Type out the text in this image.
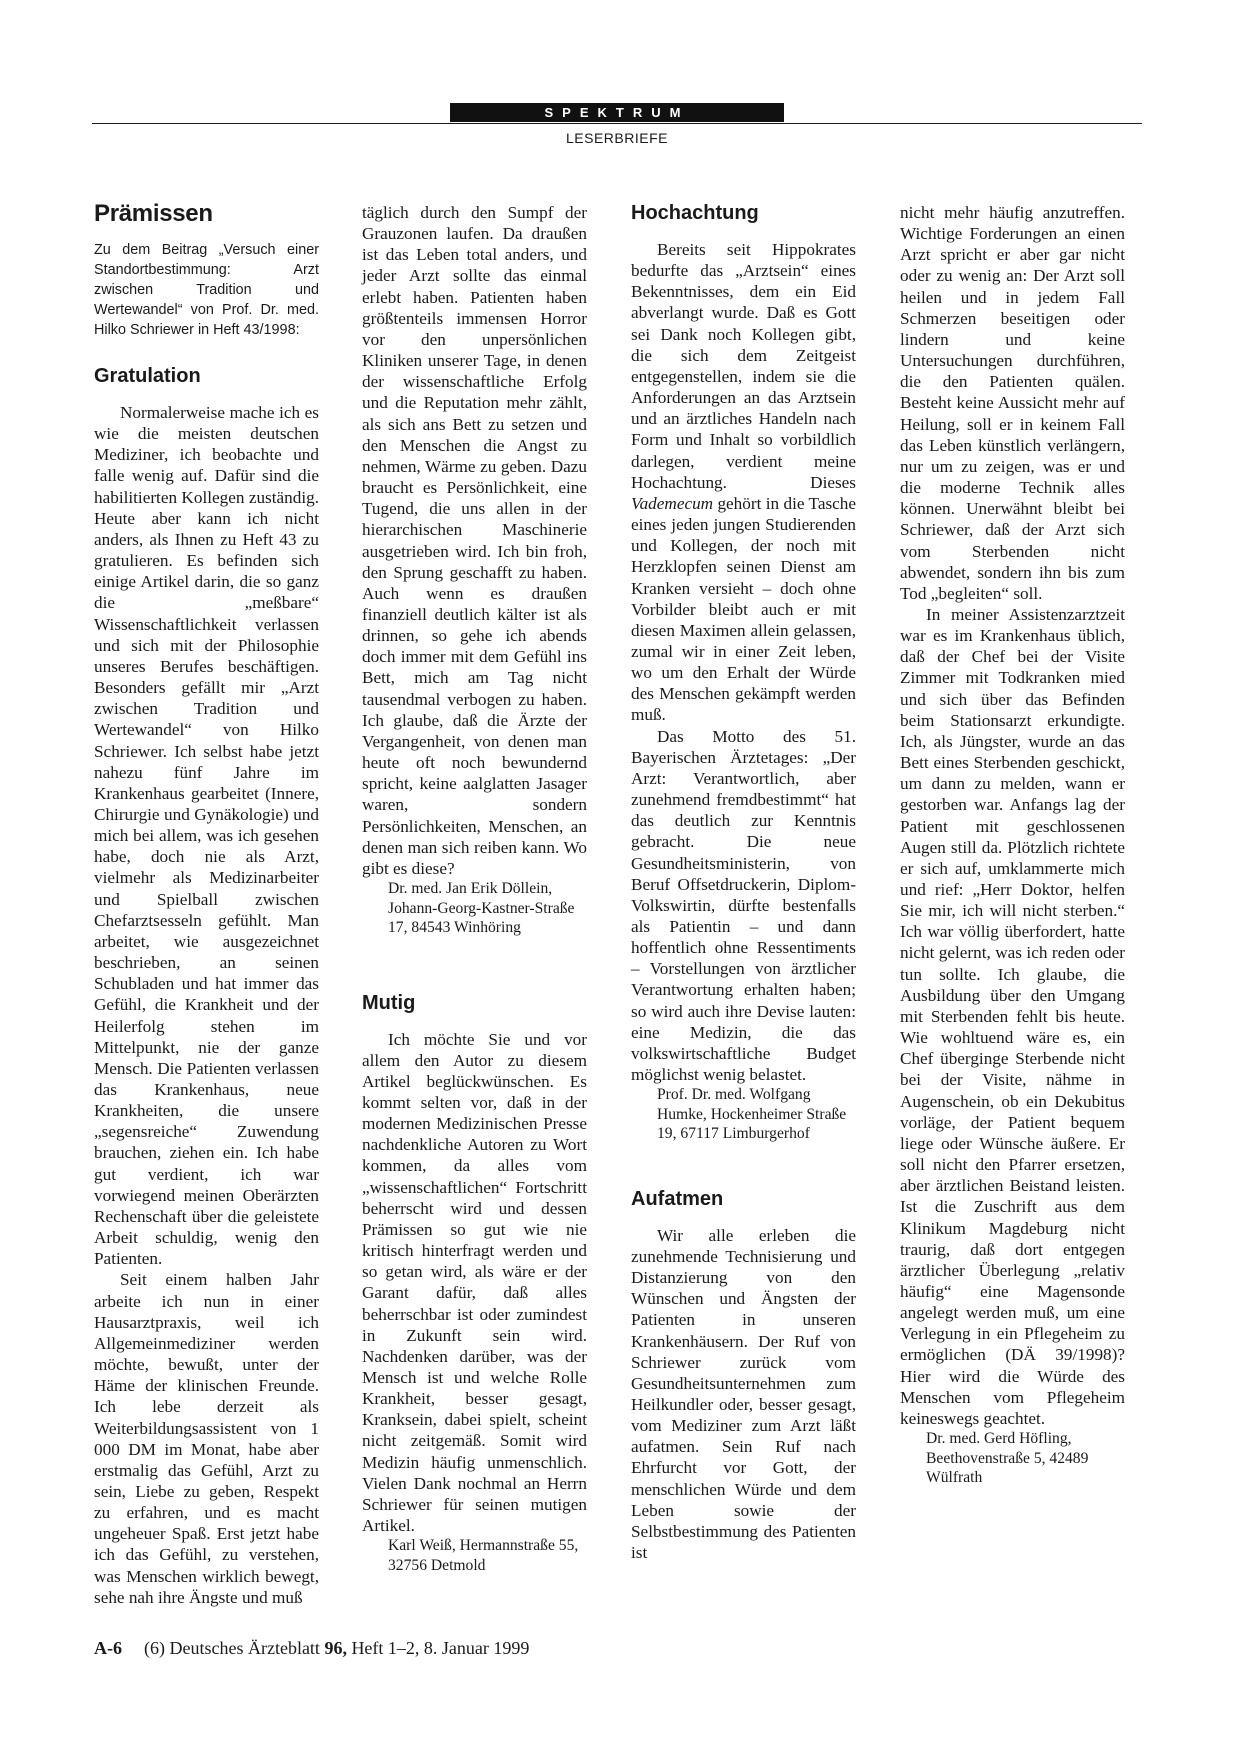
SPEKTRUM
LESERBRIEFE
Prämissen
Zu dem Beitrag „Versuch einer Standortbestimmung: Arzt zwischen Tradition und Wertewandel“ von Prof. Dr. med. Hilko Schriewer in Heft 43/1998:
Gratulation

Normalerweise mache ich es wie die meisten deutschen Mediziner, ich beobachte und falle wenig auf. Dafür sind die habilitierten Kollegen zuständig. Heute aber kann ich nicht anders, als Ihnen zu Heft 43 zu gratulieren. Es befinden sich einige Artikel darin, die so ganz die „meßbare“ Wissenschaftlichkeit verlassen und sich mit der Philosophie unseres Berufes beschäftigen. Besonders gefällt mir „Arzt zwischen Tradition und Wertewandel“ von Hilko Schriewer. Ich selbst habe jetzt nahezu fünf Jahre im Krankenhaus gearbeitet (Innere, Chirurgie und Gynäkologie) und mich bei allem, was ich gesehen habe, doch nie als Arzt, vielmehr als Medizinarbeiter und Spielball zwischen Chefarztsesseln gefühlt. Man arbeitet, wie ausgezeichnet beschrieben, an seinen Schubladen und hat immer das Gefühl, die Krankheit und der Heilerfolg stehen im Mittelpunkt, nie der ganze Mensch. Die Patienten verlassen das Krankenhaus, neue Krankheiten, die unsere „segensreiche“ Zuwendung brauchen, ziehen ein. Ich habe gut verdient, ich war vorwiegend meinen Oberärzten Rechenschaft über die geleistete Arbeit schuldig, wenig den Patienten.

Seit einem halben Jahr arbeite ich nun in einer Hausarztpraxis, weil ich Allgemeinmediziner werden möchte, bewußt, unter der Häme der klinischen Freunde. Ich lebe derzeit als Weiterbildungsassistent von 1 000 DM im Monat, habe aber erstmalig das Gefühl, Arzt zu sein, Liebe zu geben, Respekt zu erfahren, und es macht ungeheuer Spaß. Erst jetzt habe ich das Gefühl, zu verstehen, was Menschen wirklich bewegt, sehe nah ihre Ängste und muß

täglich durch den Sumpf der Grauzonen laufen. Da draußen ist das Leben total anders, und jeder Arzt sollte das einmal erlebt haben. Patienten haben größtenteils immensen Horror vor den unpersönlichen Kliniken unserer Tage, in denen der wissenschaftliche Erfolg und die Reputation mehr zählt, als sich ans Bett zu setzen und den Menschen die Angst zu nehmen, Wärme zu geben. Dazu braucht es Persönlichkeit, eine Tugend, die uns allen in der hierarchischen Maschinerie ausgetrieben wird. Ich bin froh, den Sprung geschafft zu haben. Auch wenn es draußen finanziell deutlich kälter ist als drinnen, so gehe ich abends doch immer mit dem Gefühl ins Bett, mich am Tag nicht tausendmal verbogen zu haben. Ich glaube, daß die Ärzte der Vergangenheit, von denen man heute oft noch bewundernd spricht, keine aalglatten Jasager waren, sondern Persönlichkeiten, Menschen, an denen man sich reiben kann. Wo gibt es diese?

Dr. med. Jan Erik Döllein, Johann-Georg-Kastner-Straße 17, 84543 Winhöring
Mutig

Ich möchte Sie und vor allem den Autor zu diesem Artikel beglückwünschen. Es kommt selten vor, daß in der modernen Medizinischen Presse nachdenkliche Autoren zu Wort kommen, da alles vom „wissenschaftlichen“ Fortschritt beherrscht wird und dessen Prämissen so gut wie nie kritisch hinterfragt werden und so getan wird, als wäre er der Garant dafür, daß alles beherrschbar ist oder zumindest in Zukunft sein wird. Nachdenken darüber, was der Mensch ist und welche Rolle Krankheit, besser gesagt, Kranksein, dabei spielt, scheint nicht zeitgemäß. Somit wird Medizin häufig unmenschlich. Vielen Dank nochmal an Herrn Schriewer für seinen mutigen Artikel.

Karl Weiß, Hermannstraße 55, 32756 Detmold
Hochachtung

Bereits seit Hippokrates bedurfte das „Arztsein“ eines Bekenntnisses, dem ein Eid abverlangt wurde. Daß es Gott sei Dank noch Kollegen gibt, die sich dem Zeitgeist entgegenstellen, indem sie die Anforderungen an das Arztsein und an ärztliches Handeln nach Form und Inhalt so vorbildlich darlegen, verdient meine Hochachtung. Dieses Vademecum gehört in die Tasche eines jeden jungen Studierenden und Kollegen, der noch mit Herzklopfen seinen Dienst am Kranken versieht – doch ohne Vorbilder bleibt auch er mit diesen Maximen allein gelassen, zumal wir in einer Zeit leben, wo um den Erhalt der Würde des Menschen gekämpft werden muß.

Das Motto des 51. Bayerischen Ärztetages: „Der Arzt: Verantwortlich, aber zunehmend fremdbestimmt“ hat das deutlich zur Kenntnis gebracht. Die neue Gesundheitsministerin, von Beruf Offsetdruckerin, Diplom-Volkswirtin, dürfte bestenfalls als Patientin – und dann hoffentlich ohne Ressentiments – Vorstellungen von ärztlicher Verantwortung erhalten haben; so wird auch ihre Devise lauten: eine Medizin, die das volkswirtschaftliche Budget möglichst wenig belastet.

Prof. Dr. med. Wolfgang Humke, Hockenheimer Straße 19, 67117 Limburgerhof
Aufatmen

Wir alle erleben die zunehmende Technisierung und Distanzierung von den Wünschen und Ängsten der Patienten in unseren Krankenhäusern. Der Ruf von Schriewer zurück vom Gesundheitsunternehmen zum Heilkundler oder, besser gesagt, vom Mediziner zum Arzt läßt aufatmen. Sein Ruf nach Ehrfurcht vor Gott, der menschlichen Würde und dem Leben sowie der Selbstbestimmung des Patienten ist

nicht mehr häufig anzutreffen. Wichtige Forderungen an einen Arzt spricht er aber gar nicht oder zu wenig an: Der Arzt soll heilen und in jedem Fall Schmerzen beseitigen oder lindern und keine Untersuchungen durchführen, die den Patienten quälen. Besteht keine Aussicht mehr auf Heilung, soll er in keinem Fall das Leben künstlich verlängern, nur um zu zeigen, was er und die moderne Technik alles können. Unerwähnt bleibt bei Schriewer, daß der Arzt sich vom Sterbenden nicht abwendet, sondern ihn bis zum Tod „begleiten“ soll.

In meiner Assistenzarztzeit war es im Krankenhaus üblich, daß der Chef bei der Visite Zimmer mit Todkranken mied und sich über das Befinden beim Stationsarzt erkundigte. Ich, als Jüngster, wurde an das Bett eines Sterbenden geschickt, um dann zu melden, wann er gestorben war. Anfangs lag der Patient mit geschlossenen Augen still da. Plötzlich richtete er sich auf, umklammerte mich und rief: „Herr Doktor, helfen Sie mir, ich will nicht sterben.“ Ich war völlig überfordert, hatte nicht gelernt, was ich reden oder tun sollte. Ich glaube, die Ausbildung über den Umgang mit Sterbenden fehlt bis heute. Wie wohltuend wäre es, ein Chef überginge Sterbende nicht bei der Visite, nähme in Augenschein, ob ein Dekubitus vorläge, der Patient bequem liege oder Wünsche äußere. Er soll nicht den Pfarrer ersetzen, aber ärztlichen Beistand leisten. Ist die Zuschrift aus dem Klinikum Magdeburg nicht traurig, daß dort entgegen ärztlicher Überlegung „relativ häufig“ eine Magensonde angelegt werden muß, um eine Verlegung in ein Pflegeheim zu ermöglichen (DÄ 39/1998)? Hier wird die Würde des Menschen vom Pflegeheim keineswegs geachtet.

Dr. med. Gerd Höfling, Beethovenstraße 5, 42489 Wülfrath
A-6 (6) Deutsches Ärzteblatt 96, Heft 1–2, 8. Januar 1999
